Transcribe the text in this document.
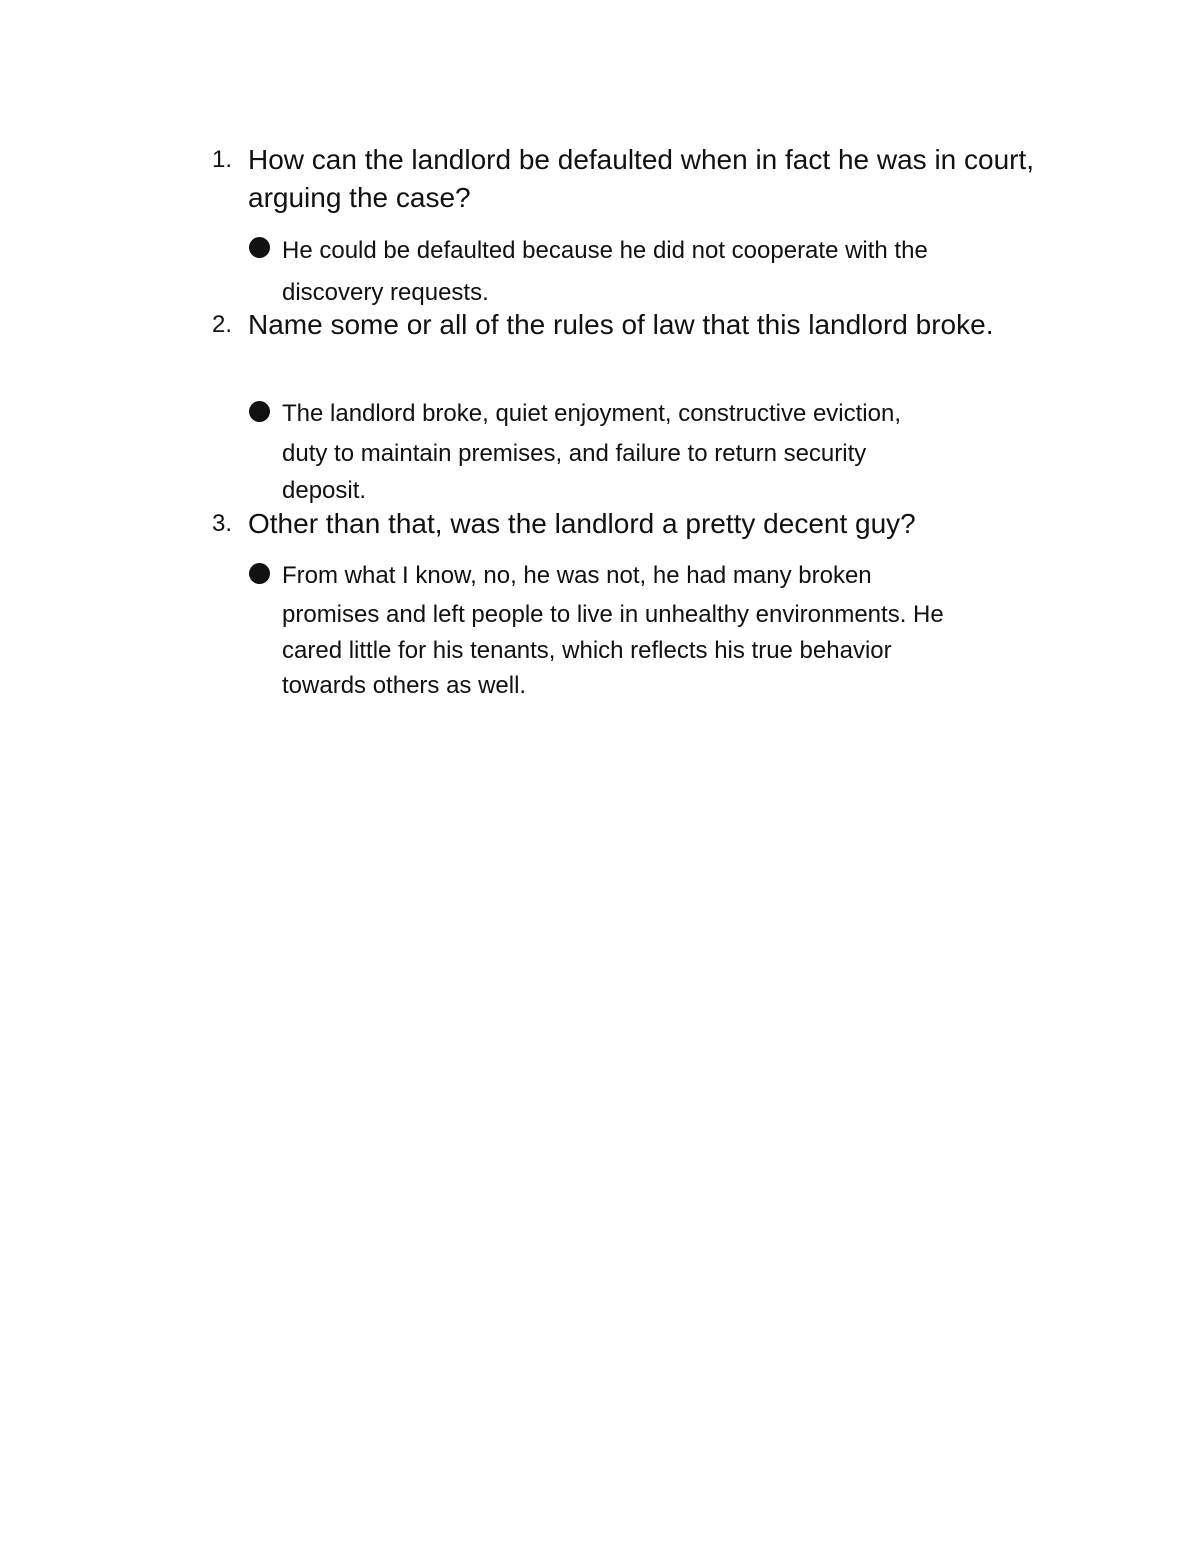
1. How can the landlord be defaulted when in fact he was in court, arguing the case?
He could be defaulted because he did not cooperate with the
discovery requests.
2. Name some or all of the rules of law that this landlord broke.
The landlord broke, quiet enjoyment, constructive eviction,
duty to maintain premises, and failure to return security
deposit.
3. Other than that, was the landlord a pretty decent guy?
From what I know, no, he was not, he had many broken
promises and left people to live in unhealthy environments. He
cared little for his tenants, which reflects his true behavior
towards others as well.
